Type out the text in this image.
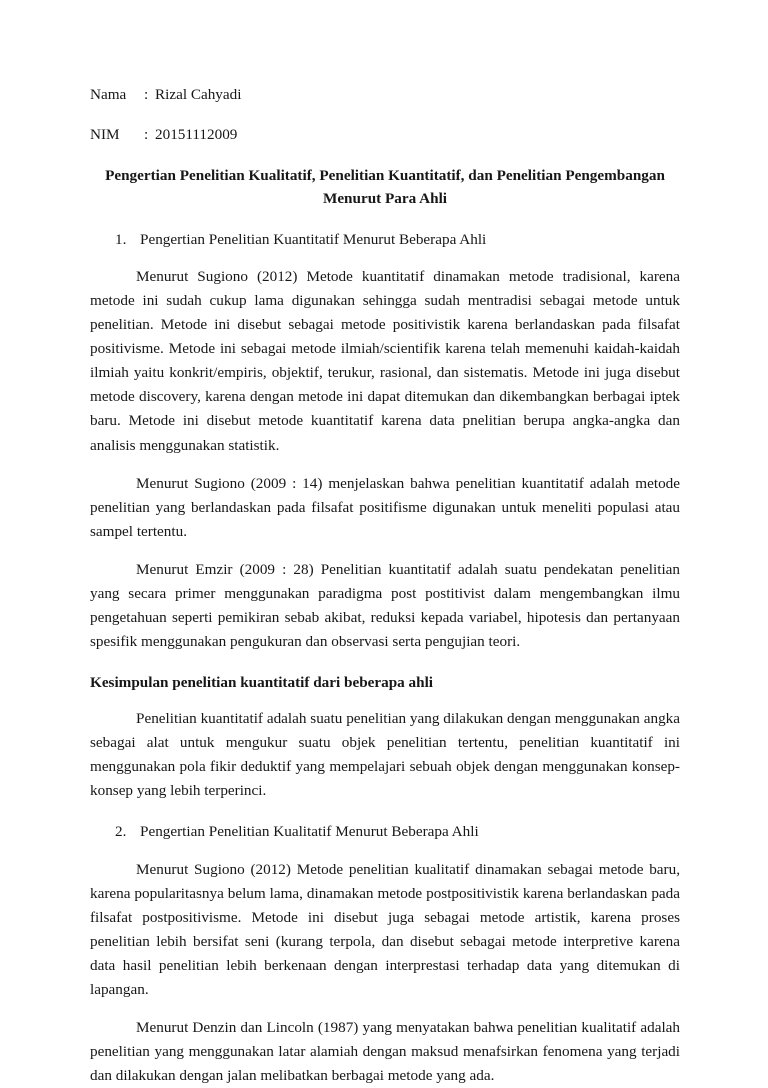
Nama	: Rizal Cahyadi
NIM	: 20151112009
Pengertian Penelitian Kualitatif, Penelitian Kuantitatif, dan Penelitian Pengembangan Menurut Para Ahli
1. Pengertian Penelitian Kuantitatif Menurut Beberapa Ahli

Menurut Sugiono (2012) Metode kuantitatif dinamakan metode tradisional, karena metode ini sudah cukup lama digunakan sehingga sudah mentradisi sebagai metode untuk penelitian. Metode ini disebut sebagai metode positivistik karena berlandaskan pada filsafat positivisme. Metode ini sebagai metode ilmiah/scientifik karena telah memenuhi kaidah-kaidah ilmiah yaitu konkrit/empiris, objektif, terukur, rasional, dan sistematis. Metode ini juga disebut metode discovery, karena dengan metode ini dapat ditemukan dan dikembangkan berbagai iptek baru. Metode ini disebut metode kuantitatif karena data pnelitian berupa angka-angka dan analisis menggunakan statistik.

Menurut Sugiono (2009 : 14) menjelaskan bahwa penelitian kuantitatif adalah metode penelitian yang berlandaskan pada filsafat positifisme digunakan untuk meneliti populasi atau sampel tertentu.

Menurut Emzir (2009 : 28) Penelitian kuantitatif adalah suatu pendekatan penelitian yang secara primer menggunakan paradigma post postitivist dalam mengembangkan ilmu pengetahuan seperti pemikiran sebab akibat, reduksi kepada variabel, hipotesis dan pertanyaan spesifik menggunakan pengukuran dan observasi serta pengujian teori.

Kesimpulan penelitian kuantitatif dari beberapa ahli

Penelitian kuantitatif adalah suatu penelitian yang dilakukan dengan menggunakan angka sebagai alat untuk mengukur suatu objek penelitian tertentu, penelitian kuantitatif ini menggunakan pola fikir deduktif yang mempelajari sebuah objek dengan menggunakan konsep-konsep yang lebih terperinci.

2. Pengertian Penelitian Kualitatif Menurut Beberapa Ahli

Menurut Sugiono (2012) Metode penelitian kualitatif dinamakan sebagai metode baru, karena popularitasnya belum lama, dinamakan metode postpositivistik karena berlandaskan pada filsafat postpositivisme. Metode ini disebut juga sebagai metode artistik, karena proses penelitian lebih bersifat seni (kurang terpola, dan disebut sebagai metode interpretive karena data hasil penelitian lebih berkenaan dengan interprestasi terhadap data yang ditemukan di lapangan.

Menurut Denzin dan Lincoln (1987) yang menyatakan bahwa penelitian kualitatif adalah penelitian yang menggunakan latar alamiah dengan maksud menafsirkan fenomena yang terjadi dan dilakukan dengan jalan melibatkan berbagai metode yang ada.
